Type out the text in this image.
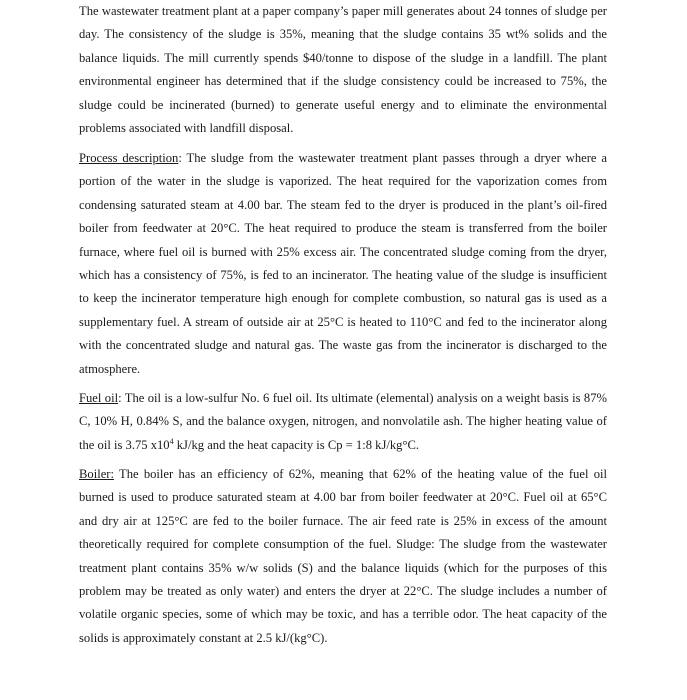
The wastewater treatment plant at a paper company’s paper mill generates about 24 tonnes of sludge per day. The consistency of the sludge is 35%, meaning that the sludge contains 35 wt% solids and the balance liquids. The mill currently spends $40/tonne to dispose of the sludge in a landfill. The plant environmental engineer has determined that if the sludge consistency could be increased to 75%, the sludge could be incinerated (burned) to generate useful energy and to eliminate the environmental problems associated with landfill disposal.

Process description: The sludge from the wastewater treatment plant passes through a dryer where a portion of the water in the sludge is vaporized. The heat required for the vaporization comes from condensing saturated steam at 4.00 bar. The steam fed to the dryer is produced in the plant’s oil-fired boiler from feedwater at 20°C. The heat required to produce the steam is transferred from the boiler furnace, where fuel oil is burned with 25% excess air. The concentrated sludge coming from the dryer, which has a consistency of 75%, is fed to an incinerator. The heating value of the sludge is insufficient to keep the incinerator temperature high enough for complete combustion, so natural gas is used as a supplementary fuel. A stream of outside air at 25°C is heated to 110°C and fed to the incinerator along with the concentrated sludge and natural gas. The waste gas from the incinerator is discharged to the atmosphere.

Fuel oil: The oil is a low-sulfur No. 6 fuel oil. Its ultimate (elemental) analysis on a weight basis is 87% C, 10% H, 0.84% S, and the balance oxygen, nitrogen, and nonvolatile ash. The higher heating value of the oil is 3.75 $x10^4$ kJ/kg and the heat capacity is Cp = 1:8 kJ/kg°C.

Boiler: The boiler has an efficiency of 62%, meaning that 62% of the heating value of the fuel oil burned is used to produce saturated steam at 4.00 bar from boiler feedwater at 20°C. Fuel oil at 65°C and dry air at 125°C are fed to the boiler furnace. The air feed rate is 25% in excess of the amount theoretically required for complete consumption of the fuel. Sludge: The sludge from the wastewater treatment plant contains 35% w/w solids (S) and the balance liquids (which for the purposes of this problem may be treated as only water) and enters the dryer at 22°C. The sludge includes a number of volatile organic species, some of which may be toxic, and has a terrible odor. The heat capacity of the solids is approximately constant at 2.5 kJ/(kg°C).
